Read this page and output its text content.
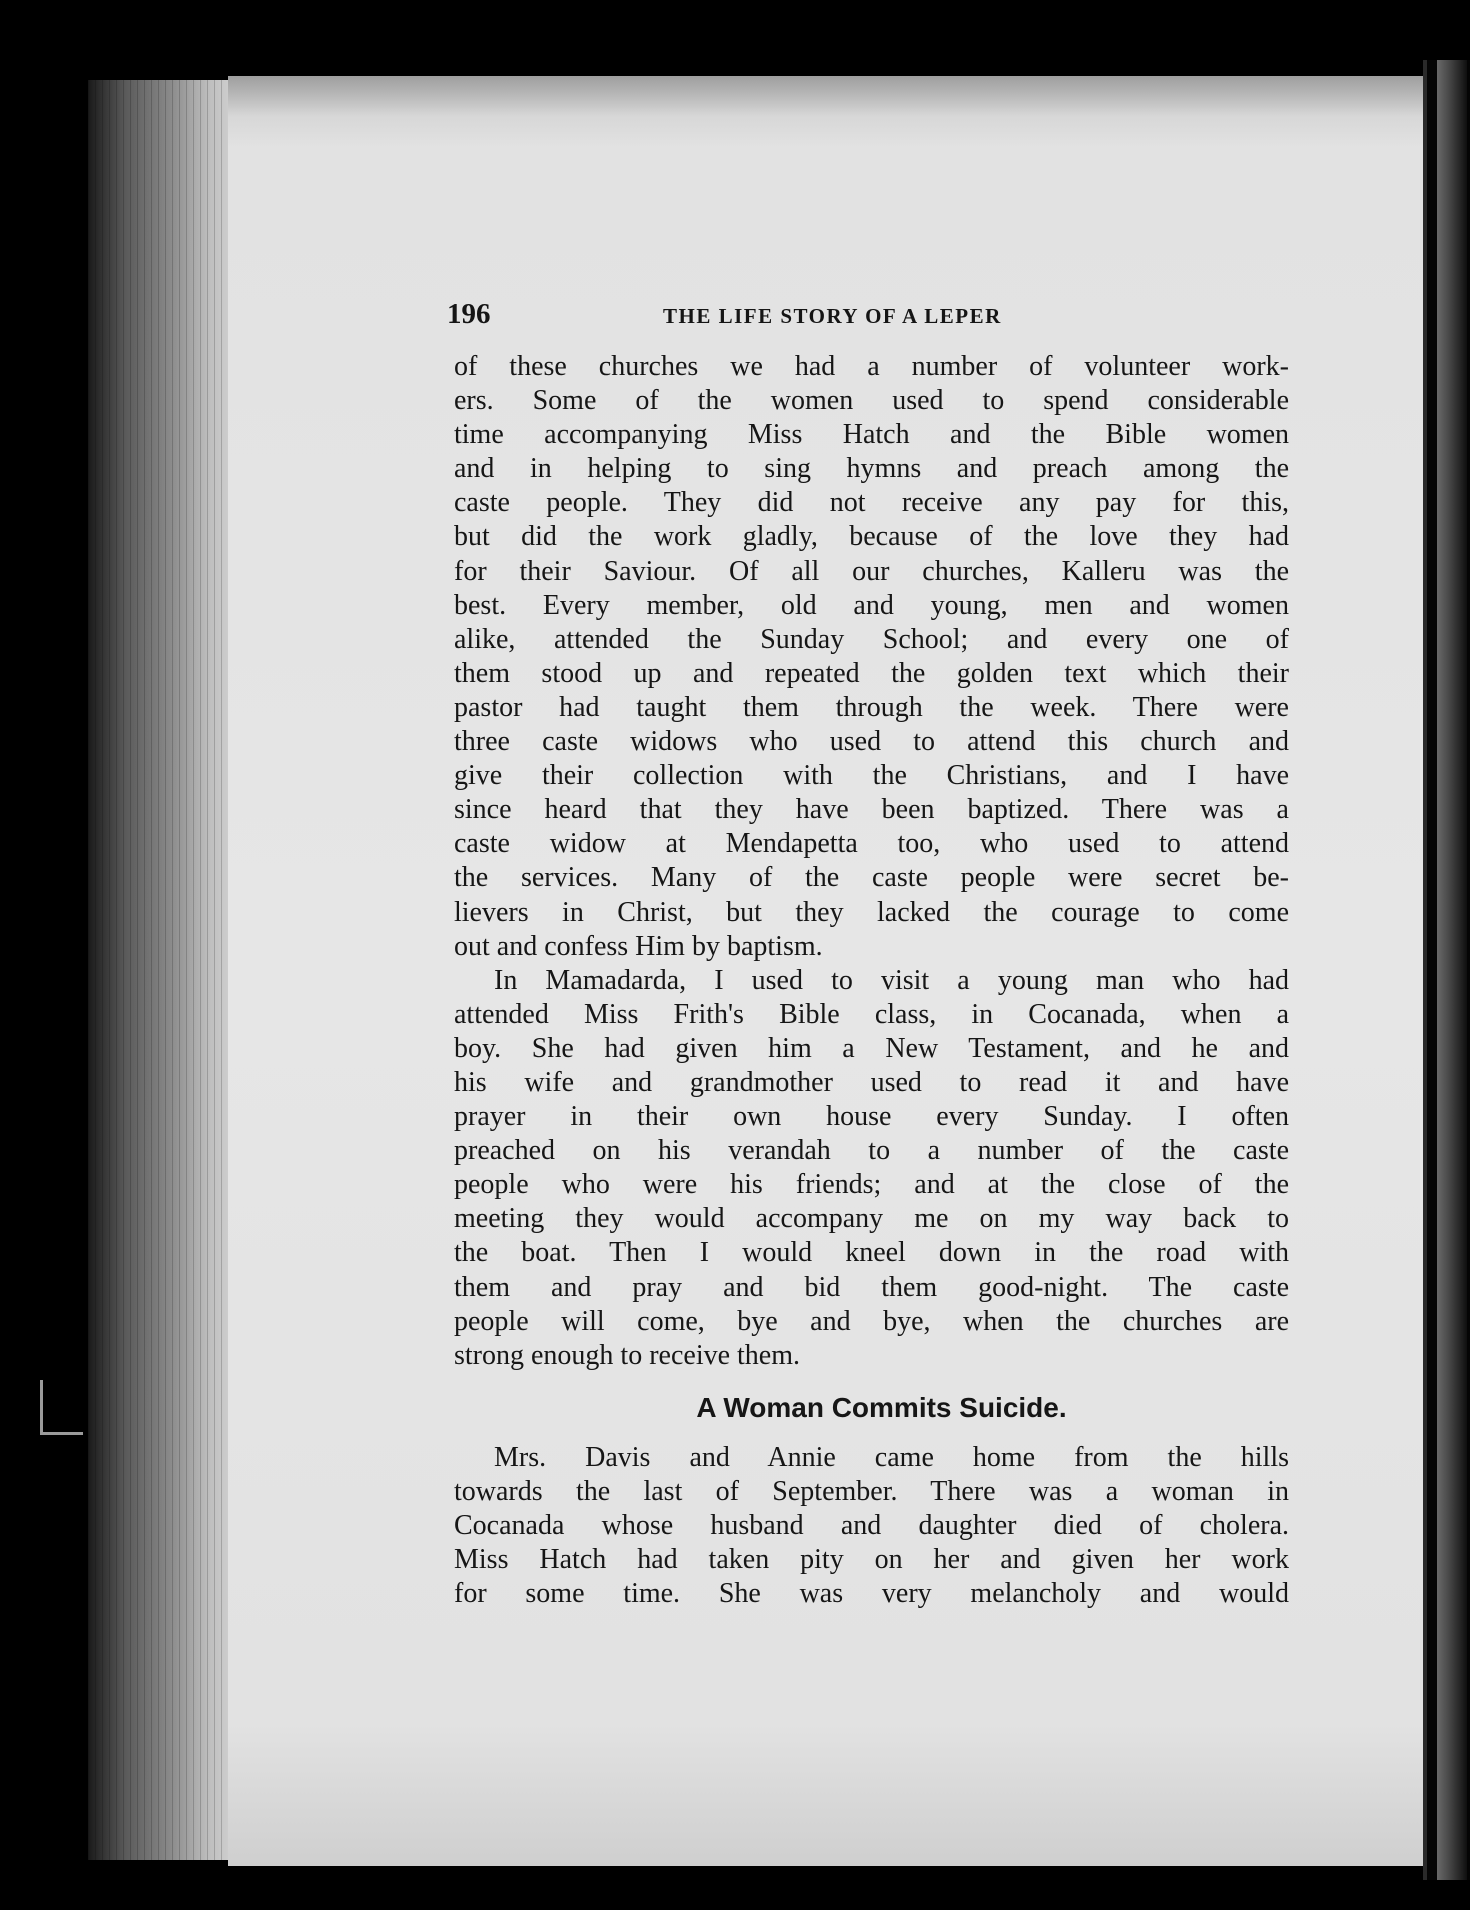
196	THE LIFE STORY OF A LEPER
of these churches we had a number of volunteer work-
ers. Some of the women used to spend considerable
time accompanying Miss Hatch and the Bible women
and in helping to sing hymns and preach among the
caste people. They did not receive any pay for this,
but did the work gladly, because of the love they had
for their Saviour. Of all our churches, Kalleru was the
best. Every member, old and young, men and women
alike, attended the Sunday School; and every one of
them stood up and repeated the golden text which their
pastor had taught them through the week. There were
three caste widows who used to attend this church and
give their collection with the Christians, and I have
since heard that they have been baptized. There was a
caste widow at Mendapetta too, who used to attend
the services. Many of the caste people were secret be-
lievers in Christ, but they lacked the courage to come
out and confess Him by baptism.
In Mamadarda, I used to visit a young man who had
attended Miss Frith's Bible class, in Cocanada, when a
boy. She had given him a New Testament, and he and
his wife and grandmother used to read it and have
prayer in their own house every Sunday. I often
preached on his verandah to a number of the caste
people who were his friends; and at the close of the
meeting they would accompany me on my way back to
the boat. Then I would kneel down in the road with
them and pray and bid them good-night. The caste
people will come, bye and bye, when the churches are
strong enough to receive them.
A Woman Commits Suicide.
Mrs. Davis and Annie came home from the hills
towards the last of September. There was a woman in
Cocanada whose husband and daughter died of cholera.
Miss Hatch had taken pity on her and given her work
for some time. She was very melancholy and would
